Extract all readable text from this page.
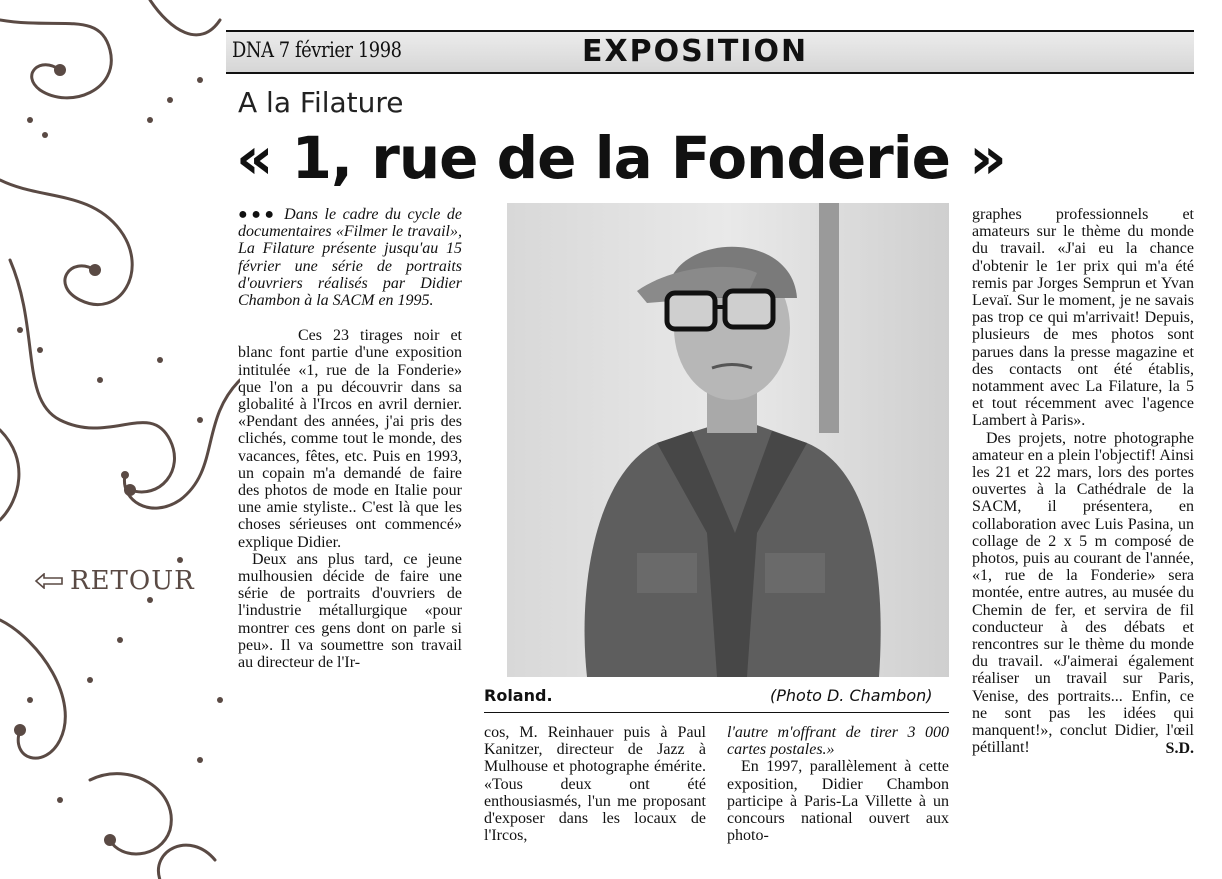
RETOUR
DNA 7 février 1998	EXPOSITION
A la Filature
« 1, rue de la Fonderie »

●●● Dans le cadre du cycle de documentaires «Filmer le travail», La Filature présente jusqu'au 15 février une série de portraits d'ouvriers réalisés par Didier Chambon à la SACM en 1995.

Ces 23 tirages noir et blanc font partie d'une exposition intitulée «1, rue de la Fonderie» que l'on a pu découvrir dans sa globalité à l'Ircos en avril dernier. «Pendant des années, j'ai pris des clichés, comme tout le monde, des vacances, fêtes, etc. Puis en 1993, un copain m'a demandé de faire des photos de mode en Italie pour une amie styliste.. C'est là que les choses sérieuses ont commencé» explique Didier.

Deux ans plus tard, ce jeune mulhousien décide de faire une série de portraits d'ouvriers de l'industrie métallurgique «pour montrer ces gens dont on parle si peu». Il va soumettre son travail au directeur de l'Ir-

Roland.	(Photo D. Chambon)

cos, M. Reinhauer puis à Paul Kanitzer, directeur de Jazz à Mulhouse et photographe émérite. «Tous deux ont été enthousiasmés, l'un me proposant d'exposer dans les locaux de l'Ircos,

l'autre m'offrant de tirer 3 000 cartes postales.»

En 1997, parallèlement à cette exposition, Didier Chambon participe à Paris-La Villette à un concours national ouvert aux photo-

graphes professionnels et amateurs sur le thème du monde du travail. «J'ai eu la chance d'obtenir le 1er prix qui m'a été remis par Jorges Semprun et Yvan Levaï. Sur le moment, je ne savais pas trop ce qui m'arrivait! Depuis, plusieurs de mes photos sont parues dans la presse magazine et des contacts ont été établis, notamment avec La Filature, la 5 et tout récemment avec l'agence Lambert à Paris».

Des projets, notre photographe amateur en a plein l'objectif! Ainsi les 21 et 22 mars, lors des portes ouvertes à la Cathédrale de la SACM, il présentera, en collaboration avec Luis Pasina, un collage de 2 x 5 m composé de photos, puis au courant de l'année, «1, rue de la Fonderie» sera montée, entre autres, au musée du Chemin de fer, et servira de fil conducteur à des débats et rencontres sur le thème du monde du travail. «J'aimerai également réaliser un travail sur Paris, Venise, des portraits... Enfin, ce ne sont pas les idées qui manquent!», conclut Didier, l'œil pétillant!	S.D.
